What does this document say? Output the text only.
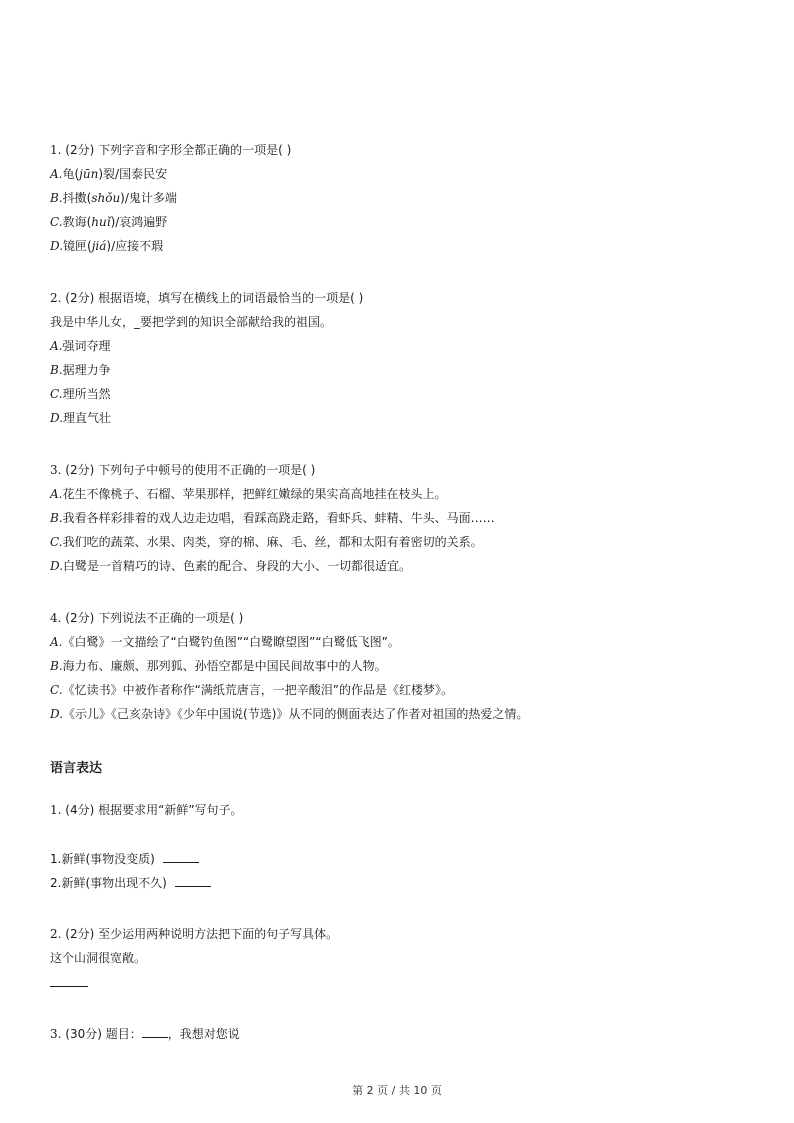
1. (2分) 下列字音和字形全都正确的一项是( )
A.龟(jūn)裂/国泰民安
B.抖擞(shǒu)/鬼计多端
C.教诲(huǐ)/哀鸿遍野
D.镜匣(jiá)/应接不瑕
2. (2分) 根据语境，填写在横线上的词语最恰当的一项是( )
我是中华儿女，_要把学到的知识全部献给我的祖国。
A.强词夺理
B.据理力争
C.理所当然
D.理直气壮
3. (2分) 下列句子中顿号的使用不正确的一项是( )
A.花生不像桃子、石榴、苹果那样，把鲜红嫩绿的果实高高地挂在枝头上。
B.我看各样彩排着的戏人边走边唱，看踩高跷走路，看虾兵、蚌精、牛头、马面……
C.我们吃的蔬菜、水果、肉类，穿的棉、麻、毛、丝，都和太阳有着密切的关系。
D.白鹭是一首精巧的诗、色素的配合、身段的大小、一切都很适宜。
4. (2分) 下列说法不正确的一项是( )
A.《白鹭》一文描绘了“白鹭钓鱼图”“白鹭瞭望图”“白鹭低飞图”。
B.海力布、廉颇、那列狐、孙悟空都是中国民间故事中的人物。
C.《忆读书》中被作者称作“满纸荒唐言，一把辛酸泪”的作品是《红楼梦》。
D.《示儿》《己亥杂诗》《少年中国说(节选)》从不同的侧面表达了作者对祖国的热爱之情。
语言表达
1. (4分) 根据要求用“新鲜”写句子。
1.新鲜(事物没变质)
2.新鲜(事物出现不久)
2. (2分) 至少运用两种说明方法把下面的句子写具体。
这个山洞很宽敞。
3. (30分) 题目： ，我想对您说
第 2 页 / 共 10 页
